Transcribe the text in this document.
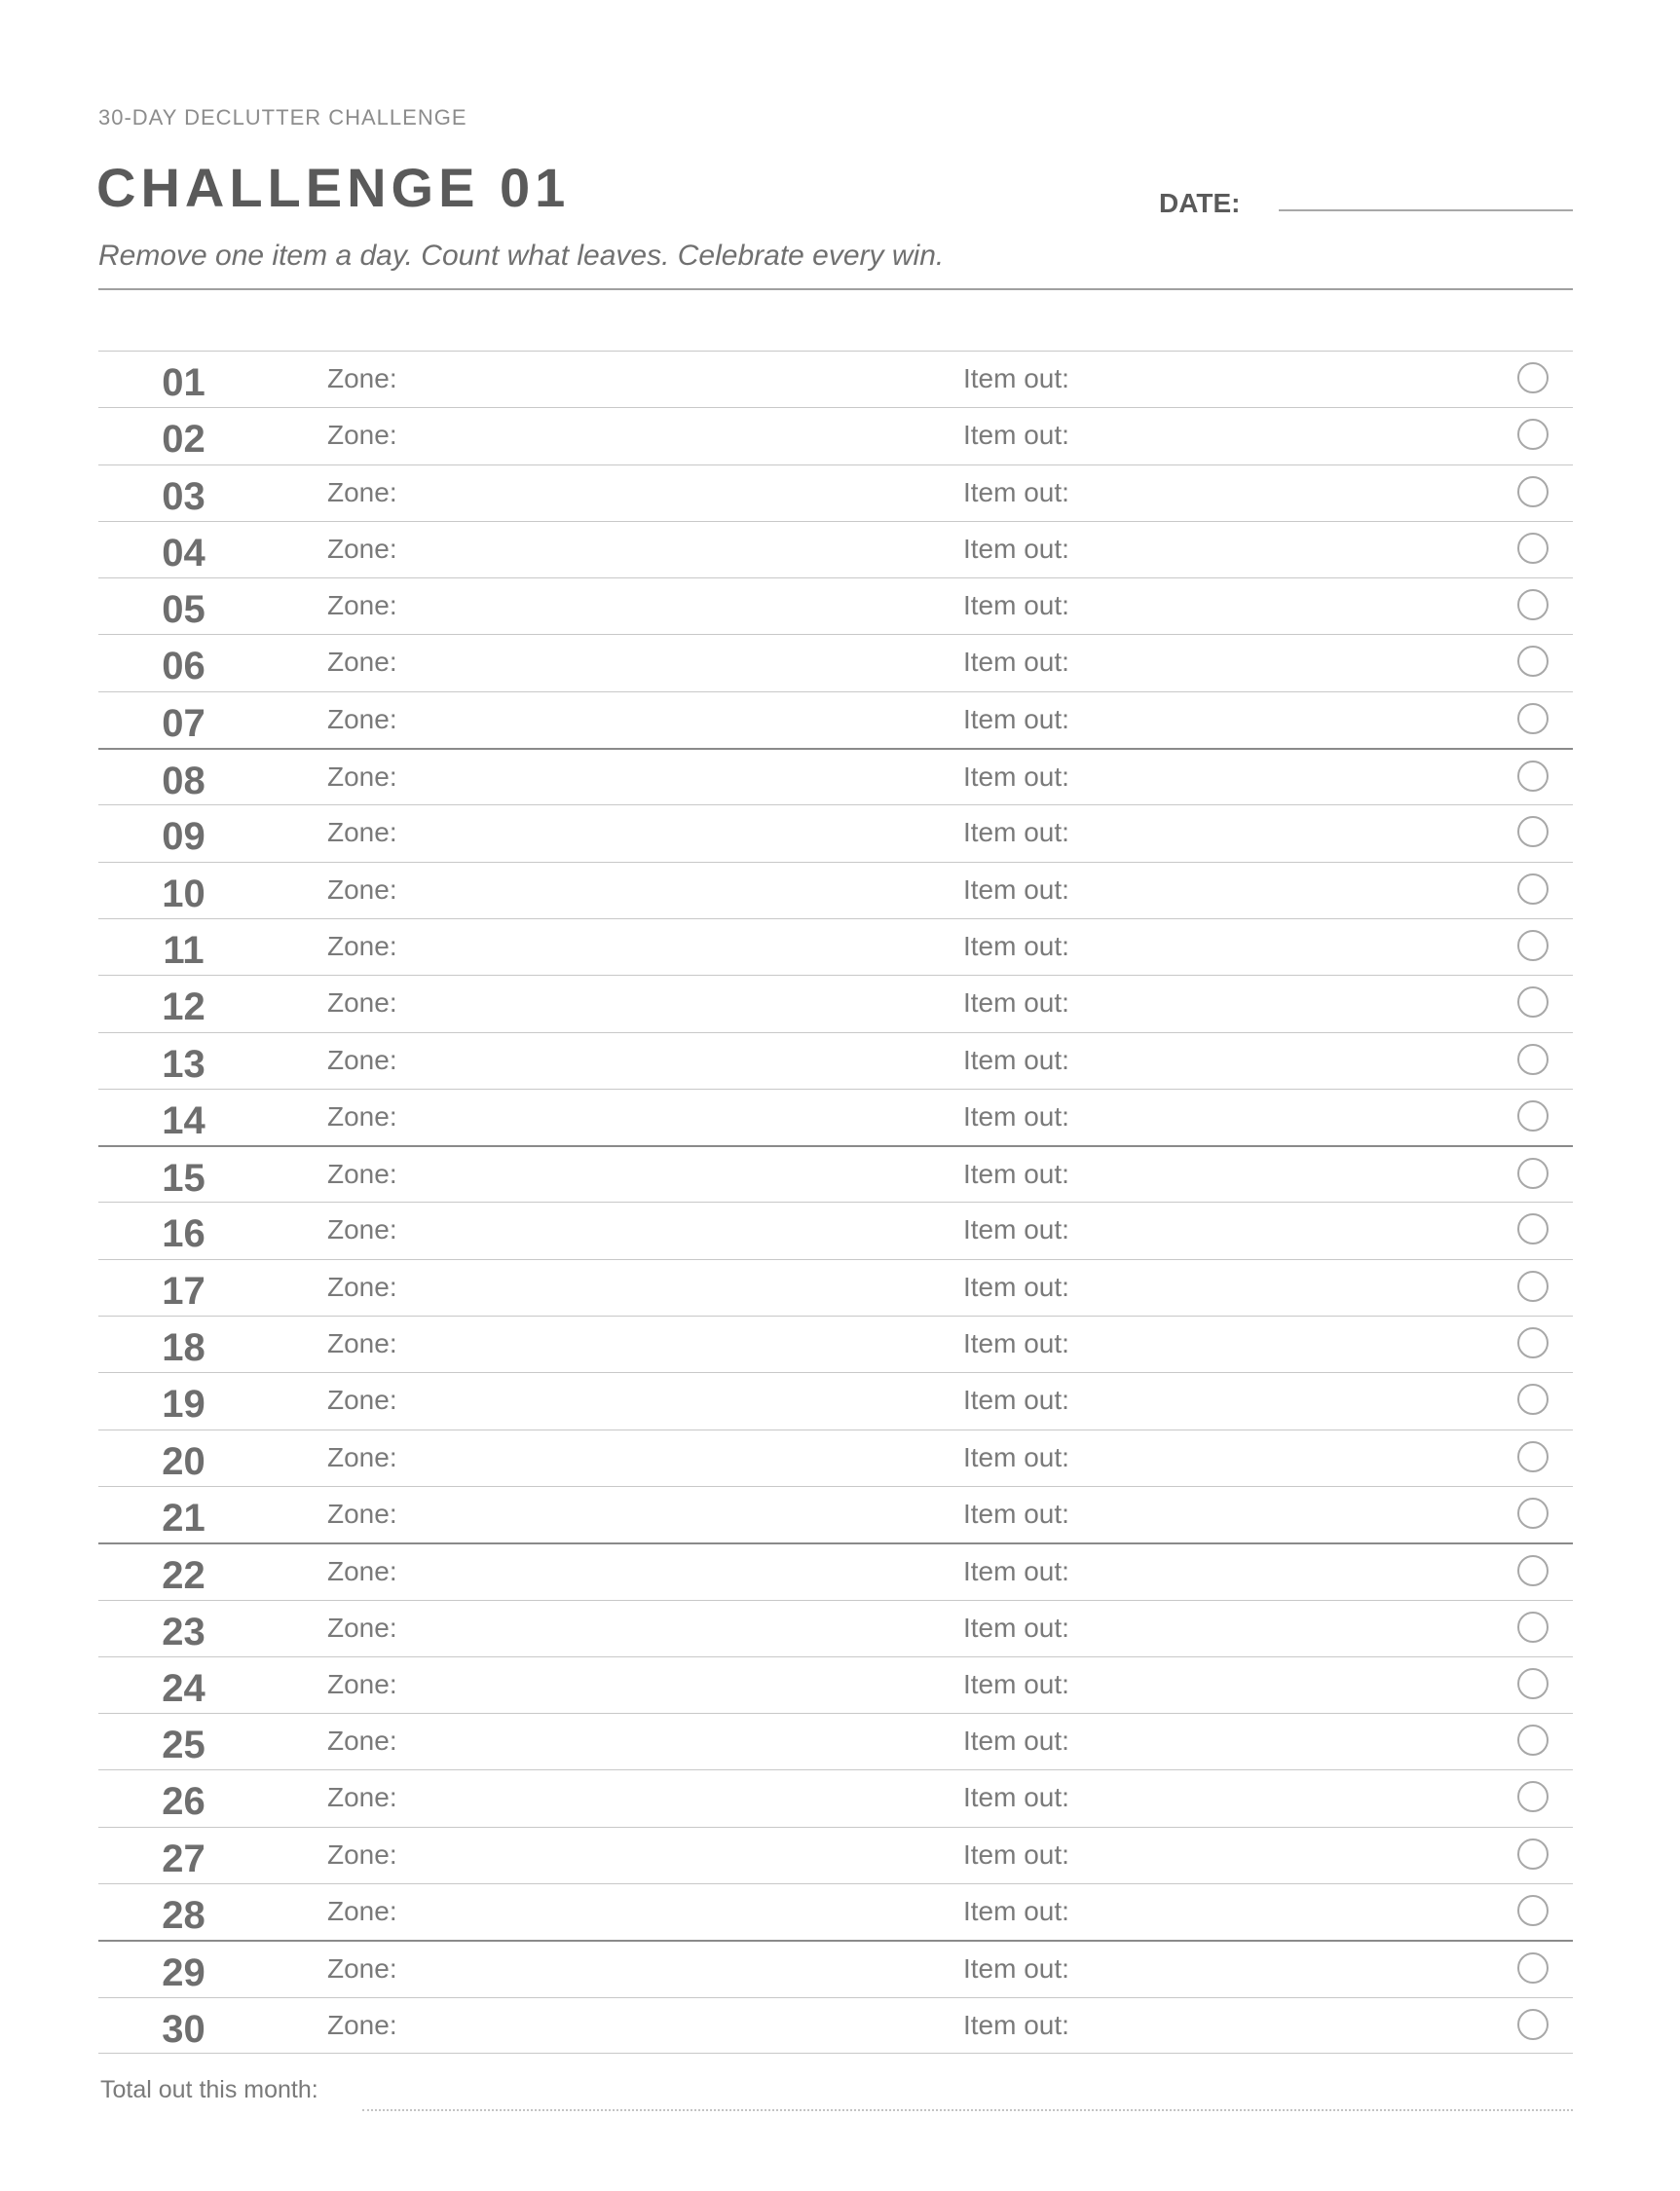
30-DAY DECLUTTER CHALLENGE
CHALLENGE 01	DATE:
Remove one item a day. Count what leaves. Celebrate every win.
01	Zone:	Item out:
02	Zone:	Item out:
03	Zone:	Item out:
04	Zone:	Item out:
05	Zone:	Item out:
06	Zone:	Item out:
07	Zone:	Item out:
08	Zone:	Item out:
09	Zone:	Item out:
10	Zone:	Item out:
11	Zone:	Item out:
12	Zone:	Item out:
13	Zone:	Item out:
14	Zone:	Item out:
15	Zone:	Item out:
16	Zone:	Item out:
17	Zone:	Item out:
18	Zone:	Item out:
19	Zone:	Item out:
20	Zone:	Item out:
21	Zone:	Item out:
22	Zone:	Item out:
23	Zone:	Item out:
24	Zone:	Item out:
25	Zone:	Item out:
26	Zone:	Item out:
27	Zone:	Item out:
28	Zone:	Item out:
29	Zone:	Item out:
30	Zone:	Item out:
Total out this month:
